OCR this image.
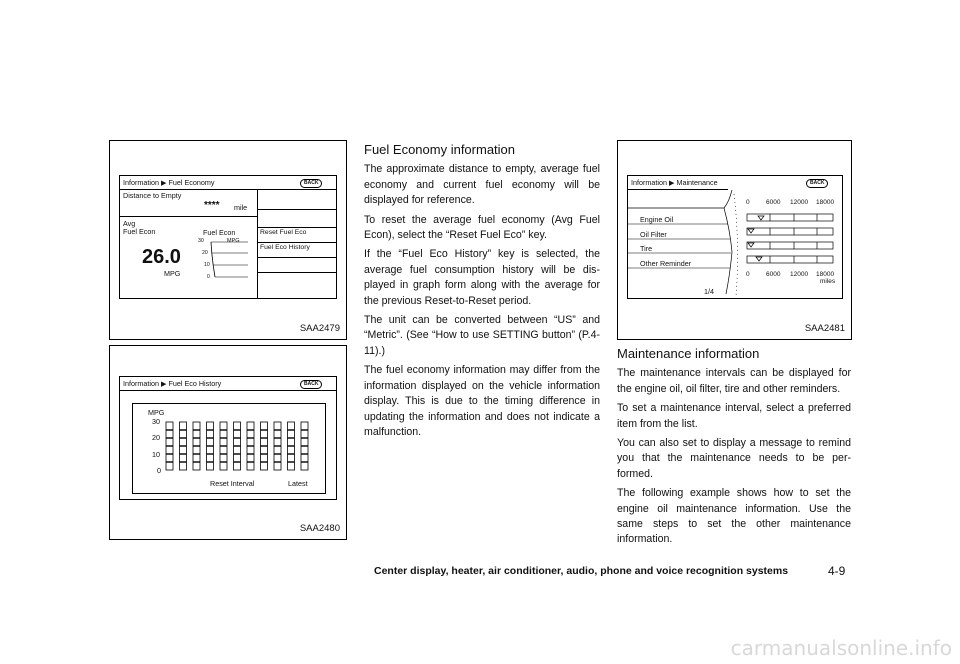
Information ▶ Fuel Economy	BACK
Distance to Empty
**** mile
Avg
Fuel Econ
26.0
MPG
Fuel Econ
MPG
30
20
10
0
Reset Fuel Eco
Fuel Eco History
SAA2479
Information ▶ Fuel Eco History	BACK
MPG
30
20
10
0
Reset Interval	Latest
SAA2480
Information ▶ Maintenance	BACK
Engine Oil
Oil Filter
Tire
Other Reminder
1/4
0	6000 12000 18000
0	6000 12000 18000
miles
SAA2481
Fuel Economy information

The approximate distance to empty, average fuel economy and current fuel economy will be displayed for reference.

To reset the average fuel economy (Avg Fuel Econ), select the “Reset Fuel Eco” key.

If the “Fuel Eco History” key is selected, the average fuel consumption history will be dis-played in graph form along with the average for the previous Reset-to-Reset period.

The unit can be converted between “US” and “Metric”. (See “How to use SETTING button” (P.4-11).)

The fuel economy information may differ from the information displayed on the vehicle information display. This is due to the timing difference in updating the information and does not indicate a malfunction.

Maintenance information

The maintenance intervals can be displayed for the engine oil, oil filter, tire and other reminders.

To set a maintenance interval, select a preferred item from the list.

You can also set to display a message to remind you that the maintenance needs to be per-formed.

The following example shows how to set the engine oil maintenance information. Use the same steps to set the other maintenance information.

Center display, heater, air conditioner, audio, phone and voice recognition systems	4-9
carmanualsonline.info
